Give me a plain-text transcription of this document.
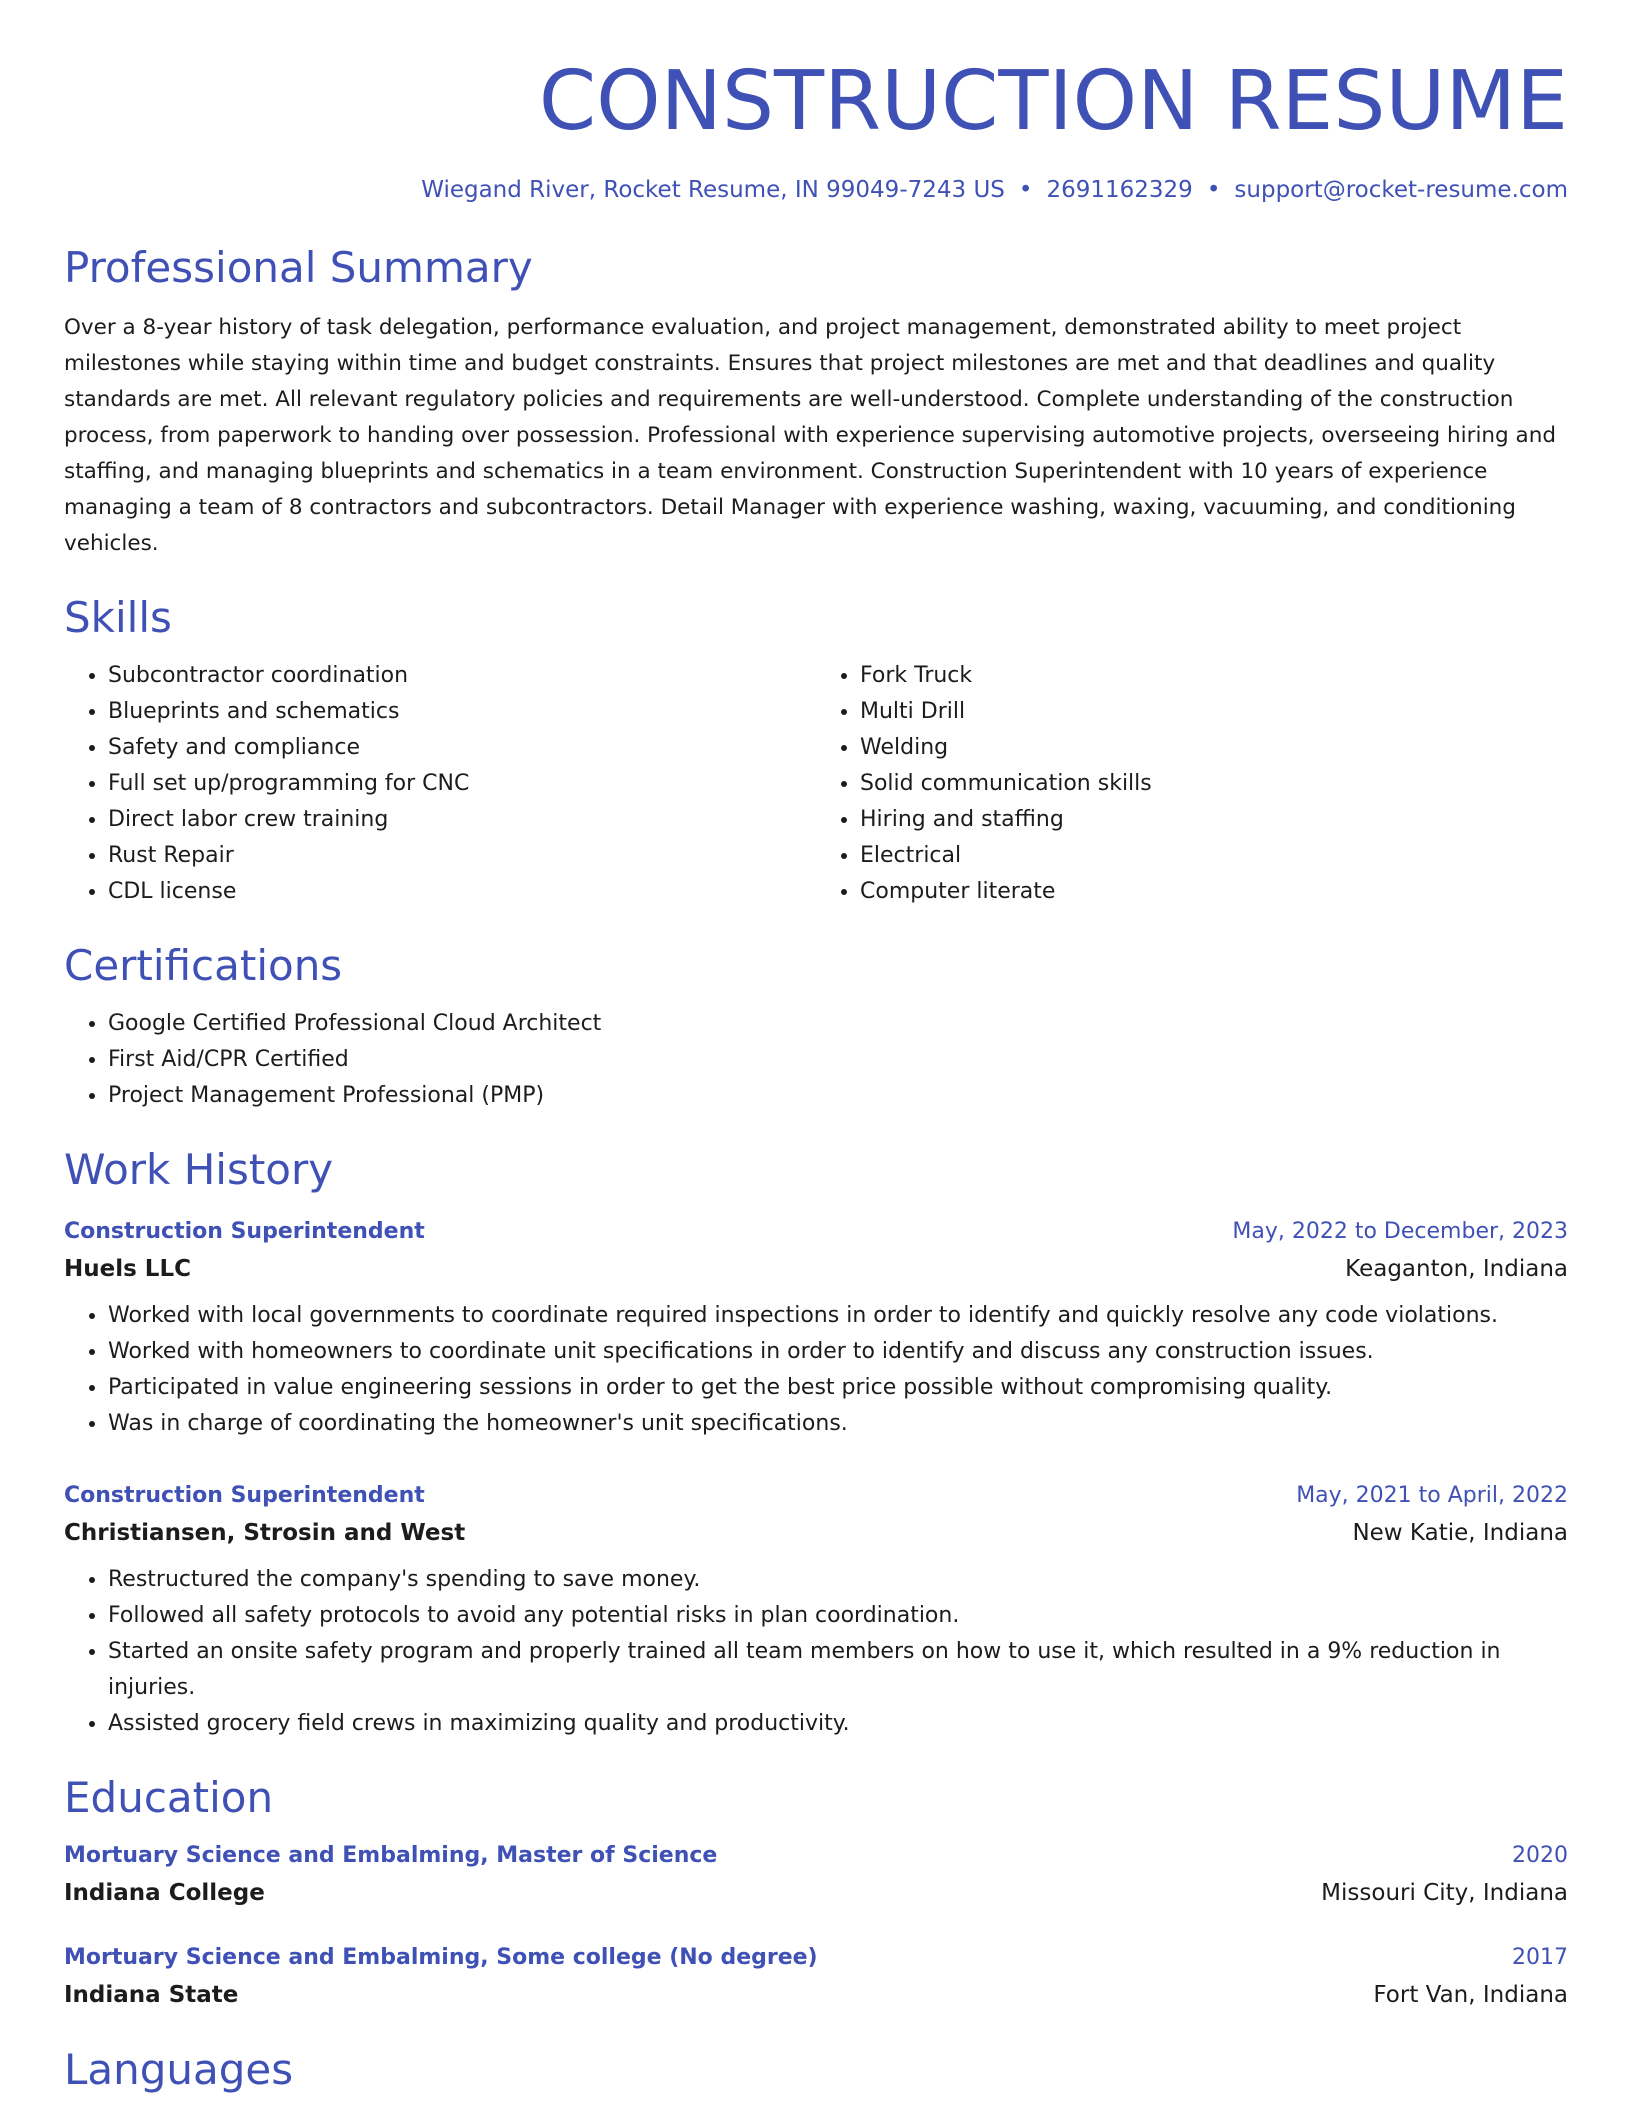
CONSTRUCTION RESUME
Wiegand River, Rocket Resume, IN 99049-7243 US • 2691162329 • support@rocket-resume.com
Professional Summary
Over a 8-year history of task delegation, performance evaluation, and project management, demonstrated ability to meet project milestones while staying within time and budget constraints. Ensures that project milestones are met and that deadlines and quality standards are met. All relevant regulatory policies and requirements are well-understood. Complete understanding of the construction process, from paperwork to handing over possession. Professional with experience supervising automotive projects, overseeing hiring and staffing, and managing blueprints and schematics in a team environment. Construction Superintendent with 10 years of experience managing a team of 8 contractors and subcontractors. Detail Manager with experience washing, waxing, vacuuming, and conditioning vehicles.
Skills
• Subcontractor coordination
• Blueprints and schematics
• Safety and compliance
• Full set up/programming for CNC
• Direct labor crew training
• Rust Repair
• CDL license
• Fork Truck
• Multi Drill
• Welding
• Solid communication skills
• Hiring and staffing
• Electrical
• Computer literate
Certifications
• Google Certified Professional Cloud Architect
• First Aid/CPR Certified
• Project Management Professional (PMP)
Work History
Construction Superintendent	May, 2022 to December, 2023
Huels LLC	Keaganton, Indiana
• Worked with local governments to coordinate required inspections in order to identify and quickly resolve any code violations.
• Worked with homeowners to coordinate unit specifications in order to identify and discuss any construction issues.
• Participated in value engineering sessions in order to get the best price possible without compromising quality.
• Was in charge of coordinating the homeowner's unit specifications.
Construction Superintendent	May, 2021 to April, 2022
Christiansen, Strosin and West	New Katie, Indiana
• Restructured the company's spending to save money.
• Followed all safety protocols to avoid any potential risks in plan coordination.
• Started an onsite safety program and properly trained all team members on how to use it, which resulted in a 9% reduction in injuries.
• Assisted grocery field crews in maximizing quality and productivity.
Education
Mortuary Science and Embalming, Master of Science	2020
Indiana College	Missouri City, Indiana
Mortuary Science and Embalming, Some college (No degree)	2017
Indiana State	Fort Van, Indiana
Languages
